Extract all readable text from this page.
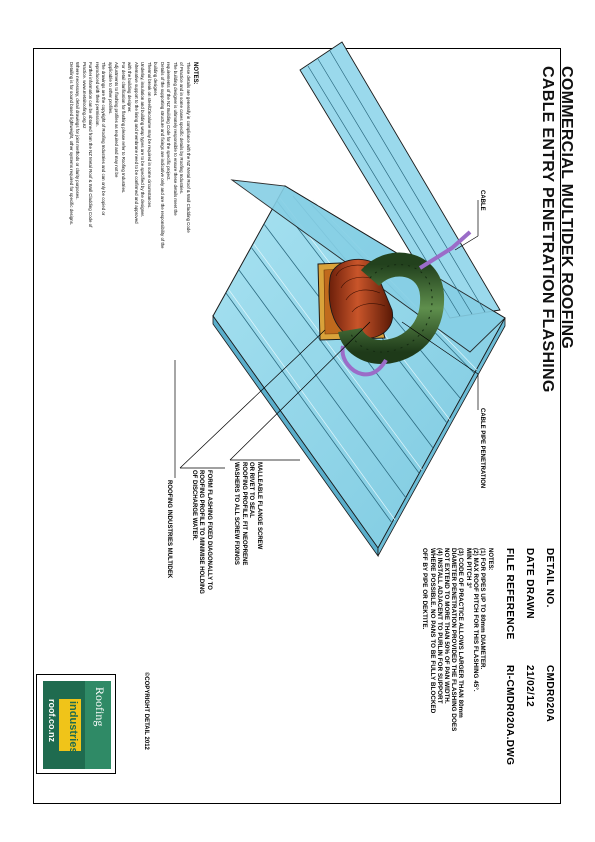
COMMERCIAL MULTIDEK ROOFING
CABLE ENTRY PENETRATION FLASHING
DETAIL NO.
CMDR020A
DATE DRAWN
21/02/12
FILE REFERENCE
RI-CMDR020A.DWG
NOTES:
(1) FOR PIPES UP TO 80mm DIAMETER.
(2) MAX ROOF PITCH FOR THIS FLASHING 45°.
MIN PITCH 3°
(3) CODE OF PRACTICE ALLOWS LARGER THAN 80mm
DIAMETER PENETRATION PROVIDED THE FLASHING DOES
NOT EXTEND TO MORE THAN 50% OF PAN WIDTH.
(4) INSTALL ADJACENT TO PURLIN FOR SUPPORT
WHERE POSSIBLE. NO PANS TO BE FULLY BLOCKED
OFF BY PIPE OR DEKTITE.
CABLE
CABLE PIPE PENETRATION
MALLEABLE FLANGE SCREW
OR RIVET TO SEAL
ROOFING PROFILE. FIT NEOPRENE
WASHERS TO ALL SCREW FIXINGS
FORM FLASHING FIXED DIAGONALLY TO
ROOFING PROFILE TO MINIMISE HOLDING
OF DISCHARGE WATER.
ROOFING INDUSTRIES MULTIDEK
NOTES:
These details are generally in compliance with the NZ Metal Roof & Wall Cladding Code
of Practice and in some cases specific details by Roofing Industries.
The building designer is ultimately responsible to ensure these details meet the
requirements of the NZ Building Code for the specific project.
Details of the supporting structure and fixings are indicative only and are the responsibility of the
building designer.
Thermal break on steel/Zincalume may be required in some circumstances.
Underlay, insulation and building wrap types are to be specified by the designer.
Alternative support to the lining and membrane need to be confirmed and approved
with the building designer.
For detail clarification for flashing please refer to Roofing Industries.
Adjustments to flashing profiles as required and may not be
applicable to other profiles.
The drawings are the copyright of Roofing Industries and can only be copied or
reproduced with their permission.
Further information can be obtained from the NZ Metal Roof & Wall Cladding Code of
Practice. www.metalroofing.org.nz
Where necessary, detail drawings for joint methods or clarity purposes.
Detailing is for sound based lightweight, other systems required for specific designs.
©COPYRIGHT DETAIL 2012
Roofing
industries
roof.co.nz
